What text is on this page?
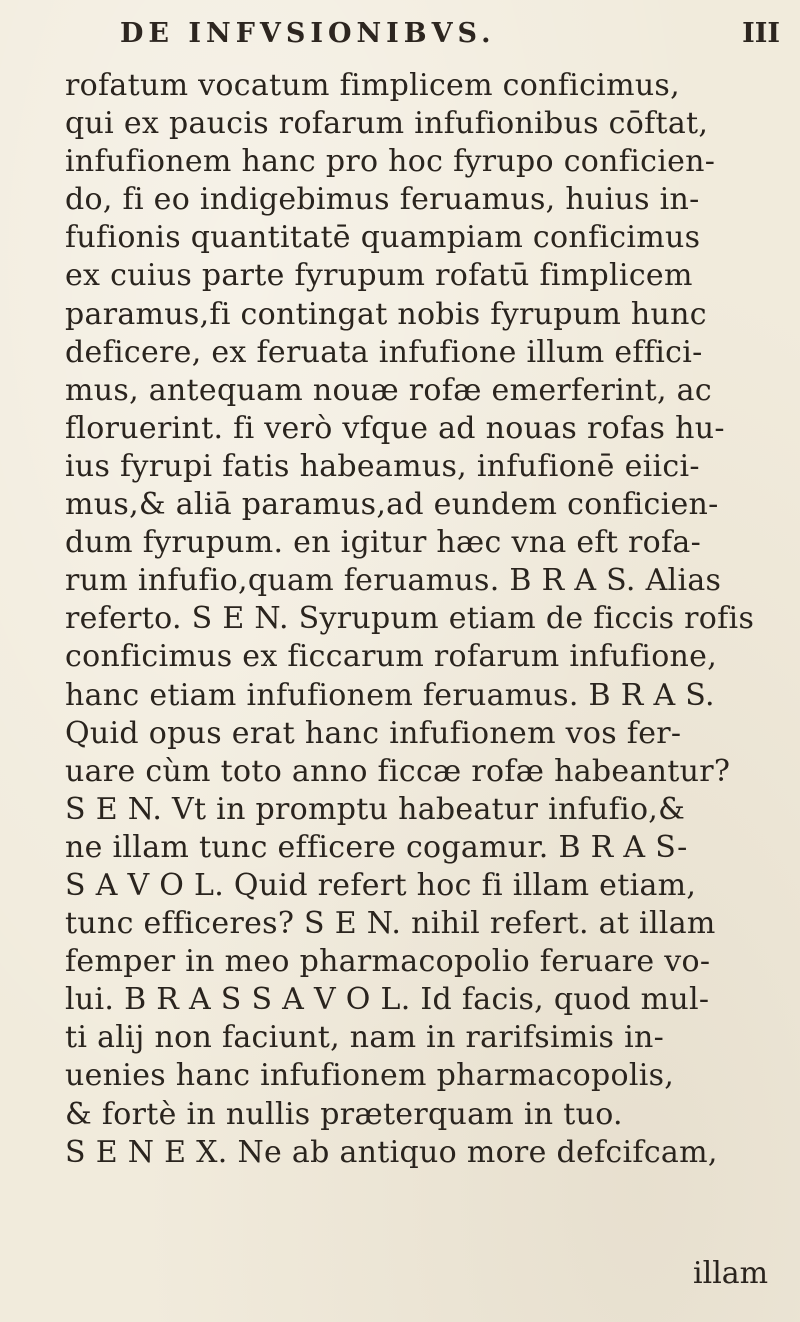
DE INFVSIONIBVS.	III
rofatum vocatum fimplicem conficimus,
qui ex paucis rofarum infufionibus cōftat,
infufionem hanc pro hoc fyrupo conficien-
do, fi eo indigebimus feruamus, huius in-
fufionis quantitatē quampiam conficimus
ex cuius parte fyrupum rofatū fimplicem
paramus,fi contingat nobis fyrupum hunc
deficere, ex feruata infufione illum effici-
mus, antequam nouæ rofæ emerferint, ac
floruerint. fi verò vfque ad nouas rofas hu-
ius fyrupi fatis habeamus, infufionē eiici-
mus,& aliā paramus,ad eundem conficien-
dum fyrupum. en igitur hæc vna eft rofa-
rum infufio,quam feruamus. B R A S. Alias
referto. S E N. Syrupum etiam de ficcis rofis
conficimus ex ficcarum rofarum infufione,
hanc etiam infufionem feruamus. B R A S.
Quid opus erat hanc infufionem vos fer-
uare cùm toto anno ficcæ rofæ habeantur?
S E N. Vt in promptu habeatur infufio,&
ne illam tunc efficere cogamur. B R A S-
S A V O L. Quid refert hoc fi illam etiam,
tunc efficeres? S E N. nihil refert. at illam
femper in meo pharmacopolio feruare vo-
lui. B R A S S A V O L. Id facis, quod mul-
ti alij non faciunt, nam in rarifsimis in-
uenies hanc infufionem pharmacopolis,
& fortè in nullis præterquam in tuo.
S E N E X. Ne ab antiquo more defcifcam,
illam
